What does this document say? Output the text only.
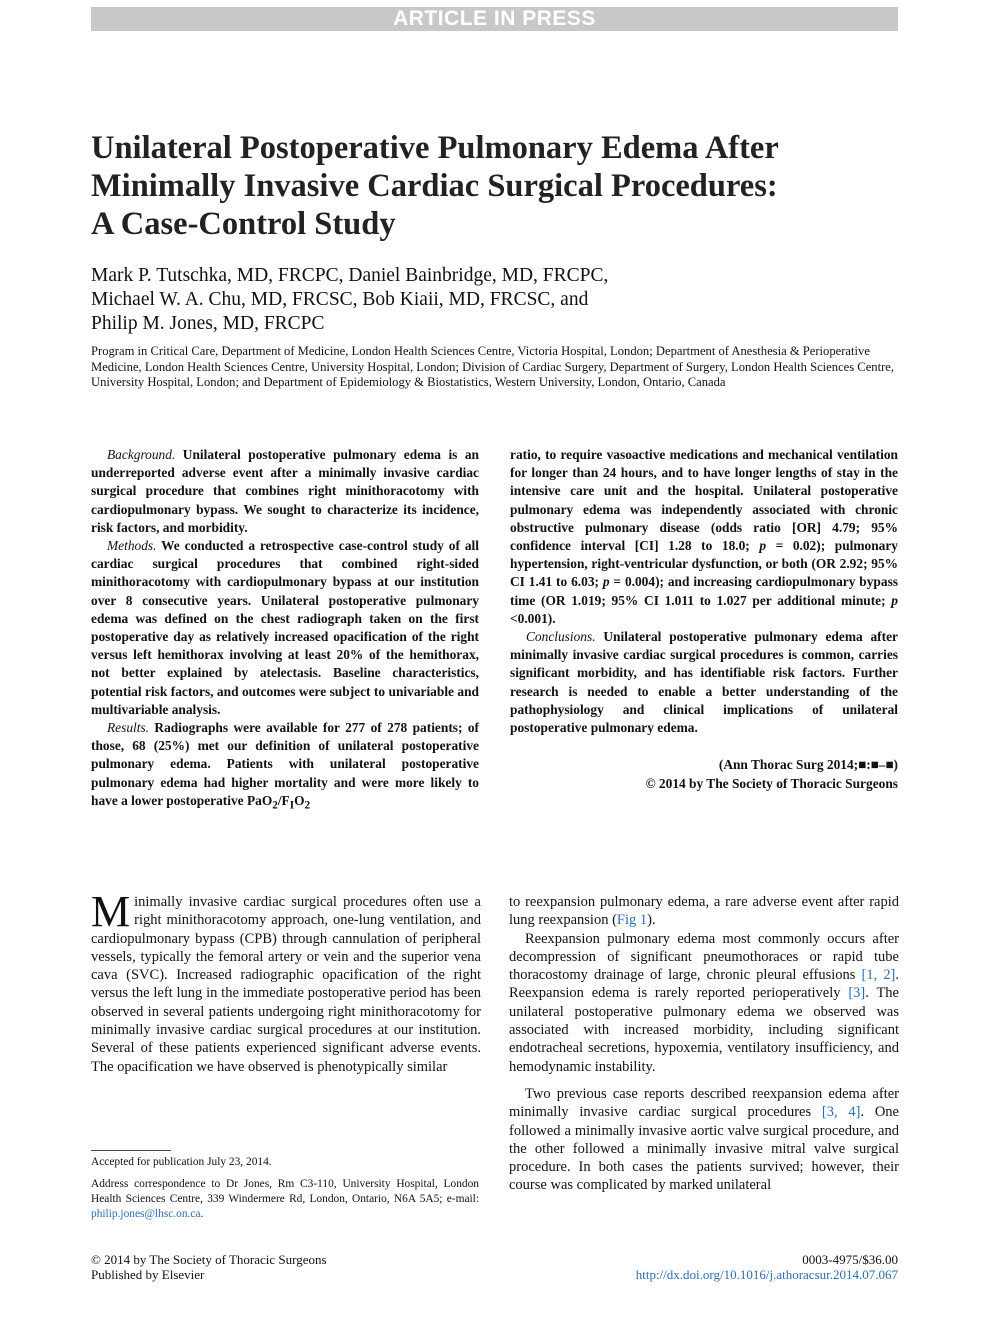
ARTICLE IN PRESS
Unilateral Postoperative Pulmonary Edema After
Minimally Invasive Cardiac Surgical Procedures:
A Case-Control Study
Mark P. Tutschka, MD, FRCPC, Daniel Bainbridge, MD, FRCPC,
Michael W. A. Chu, MD, FRCSC, Bob Kiaii, MD, FRCSC, and
Philip M. Jones, MD, FRCPC
Program in Critical Care, Department of Medicine, London Health Sciences Centre, Victoria Hospital, London; Department of Anesthesia & Perioperative Medicine, London Health Sciences Centre, University Hospital, London; Division of Cardiac Surgery, Department of Surgery, London Health Sciences Centre, University Hospital, London; and Department of Epidemiology & Biostatistics, Western University, London, Ontario, Canada

Background. Unilateral postoperative pulmonary edema is an underreported adverse event after a minimally invasive cardiac surgical procedure that combines right minithoracotomy with cardiopulmonary bypass. We sought to characterize its incidence, risk factors, and morbidity.

Methods. We conducted a retrospective case-control study of all cardiac surgical procedures that combined right-sided minithoracotomy with cardiopulmonary bypass at our institution over 8 consecutive years. Unilateral postoperative pulmonary edema was defined on the chest radiograph taken on the first postoperative day as relatively increased opacification of the right versus left hemithorax involving at least 20% of the hemithorax, not better explained by atelectasis. Baseline characteristics, potential risk factors, and outcomes were subject to univariable and multivariable analysis.

Results. Radiographs were available for 277 of 278 patients; of those, 68 (25%) met our definition of unilateral postoperative pulmonary edema. Patients with unilateral postoperative pulmonary edema had higher mortality and were more likely to have a lower postoperative $PaO_2/F_IO_2$

ratio, to require vasoactive medications and mechanical ventilation for longer than 24 hours, and to have longer lengths of stay in the intensive care unit and the hospital. Unilateral postoperative pulmonary edema was independently associated with chronic obstructive pulmonary disease (odds ratio [OR] 4.79; 95% confidence interval [CI] 1.28 to 18.0; p = 0.02); pulmonary hypertension, right-ventricular dysfunction, or both (OR 2.92; 95% CI 1.41 to 6.03; p = 0.004); and increasing cardiopulmonary bypass time (OR 1.019; 95% CI 1.011 to 1.027 per additional minute; p <0.001).

Conclusions. Unilateral postoperative pulmonary edema after minimally invasive cardiac surgical procedures is common, carries significant morbidity, and has identifiable risk factors. Further research is needed to enable a better understanding of the pathophysiology and clinical implications of unilateral postoperative pulmonary edema.

(Ann Thorac Surg 2014;■:■–■)
© 2014 by The Society of Thoracic Surgeons

Minimally invasive cardiac surgical procedures often use a right minithoracotomy approach, one-lung ventilation, and cardiopulmonary bypass (CPB) through cannulation of peripheral vessels, typically the femoral artery or vein and the superior vena cava (SVC). Increased radiographic opacification of the right versus the left lung in the immediate postoperative period has been observed in several patients undergoing right minithoracotomy for minimally invasive cardiac surgical procedures at our institution. Several of these patients experienced significant adverse events. The opacification we have observed is phenotypically similar

to reexpansion pulmonary edema, a rare adverse event after rapid lung reexpansion (Fig 1).

Reexpansion pulmonary edema most commonly occurs after decompression of significant pneumothoraces or rapid tube thoracostomy drainage of large, chronic pleural effusions [1, 2]. Reexpansion edema is rarely reported perioperatively [3]. The unilateral postoperative pulmonary edema we observed was associated with increased morbidity, including significant endotracheal secretions, hypoxemia, ventilatory insufficiency, and hemodynamic instability.

Two previous case reports described reexpansion edema after minimally invasive cardiac surgical procedures [3, 4]. One followed a minimally invasive aortic valve surgical procedure, and the other followed a minimally invasive mitral valve surgical procedure. In both cases the patients survived; however, their course was complicated by marked unilateral

Accepted for publication July 23, 2014.
Address correspondence to Dr Jones, Rm C3-110, University Hospital, London Health Sciences Centre, 339 Windermere Rd, London, Ontario, N6A 5A5; e-mail: philip.jones@lhsc.on.ca.
© 2014 by The Society of Thoracic Surgeons
Published by Elsevier
0003-4975/$36.00
http://dx.doi.org/10.1016/j.athoracsur.2014.07.067
